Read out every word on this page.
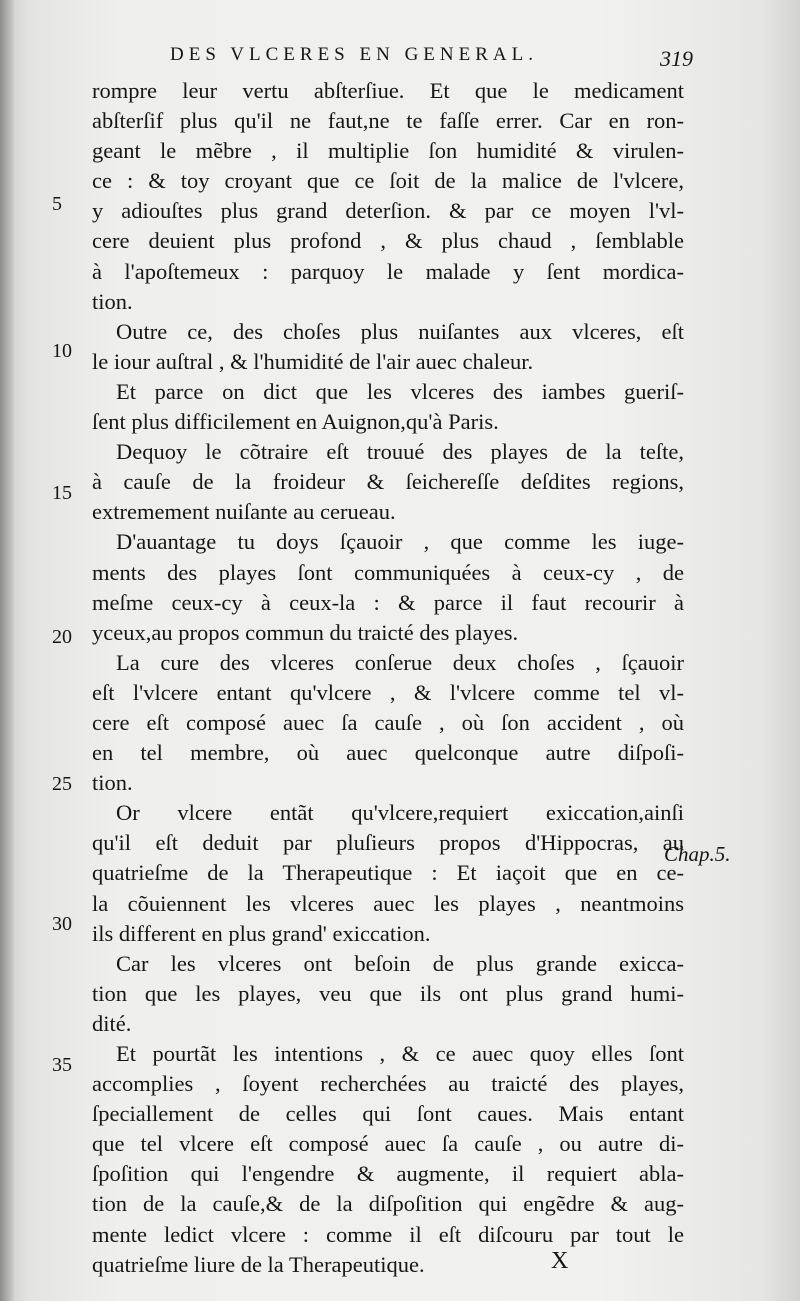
DES VLCERES EN GENERAL.	319
rompre leur vertu abſterſiue. Et que le medicament
abſterſif plus qu'il ne faut,ne te faſſe errer. Car en ron-
geant le mẽbre , il multiplie ſon humidité & virulen-
ce : & toy croyant que ce ſoit de la malice de l'vlcere,
y adiouſtes plus grand deterſion. & par ce moyen l'vl-
cere deuient plus profond , & plus chaud , ſemblable
à l'apoſtemeux : parquoy le malade y ſent mordica-
tion.
Outre ce, des choſes plus nuiſantes aux vlceres, eſt
le iour auſtral , & l'humidité de l'air auec chaleur.
Et parce on dict que les vlceres des iambes gueriſ-
ſent plus difficilement en Auignon,qu'à Paris.
Dequoy le cõtraire eſt trouué des playes de la teſte,
à cauſe de la froideur & ſeichereſſe deſdites regions,
extremement nuiſante au cerueau.
D'auantage tu doys ſçauoir , que comme les iuge-
ments des playes ſont communiquées à ceux-cy , de
meſme ceux-cy à ceux-la : & parce il faut recourir à
yceux,au propos commun du traicté des playes.
La cure des vlceres conſerue deux choſes , ſçauoir
eſt l'vlcere entant qu'vlcere , & l'vlcere comme tel vl-
cere eſt composé auec ſa cauſe , où ſon accident , où
en tel membre, où auec quelconque autre diſpoſi-
tion.
Or vlcere entãt qu'vlcere,requiert exiccation,ainſi
qu'il eſt deduit par pluſieurs propos d'Hippocras, au
quatrieſme de la Therapeutique : Et iaçoit que en ce-
la cõuiennent les vlceres auec les playes , neantmoins
ils different en plus grand' exiccation.
Car les vlceres ont beſoin de plus grande exicca-
tion que les playes, veu que ils ont plus grand humi-
dité.
Et pourtãt les intentions , & ce auec quoy elles ſont
accomplies , ſoyent recherchées au traicté des playes,
ſpeciallement de celles qui ſont caues. Mais entant
que tel vlcere eſt composé auec ſa cauſe , ou autre di-
ſpoſition qui l'engendre & augmente, il requiert abla-
tion de la cauſe,& de la diſpoſition qui engẽdre & aug-
mente ledict vlcere : comme il eſt diſcouru par tout le
quatrieſme liure de la Therapeutique.
5
10
15
20
25
30
35
Chap.5.
X
